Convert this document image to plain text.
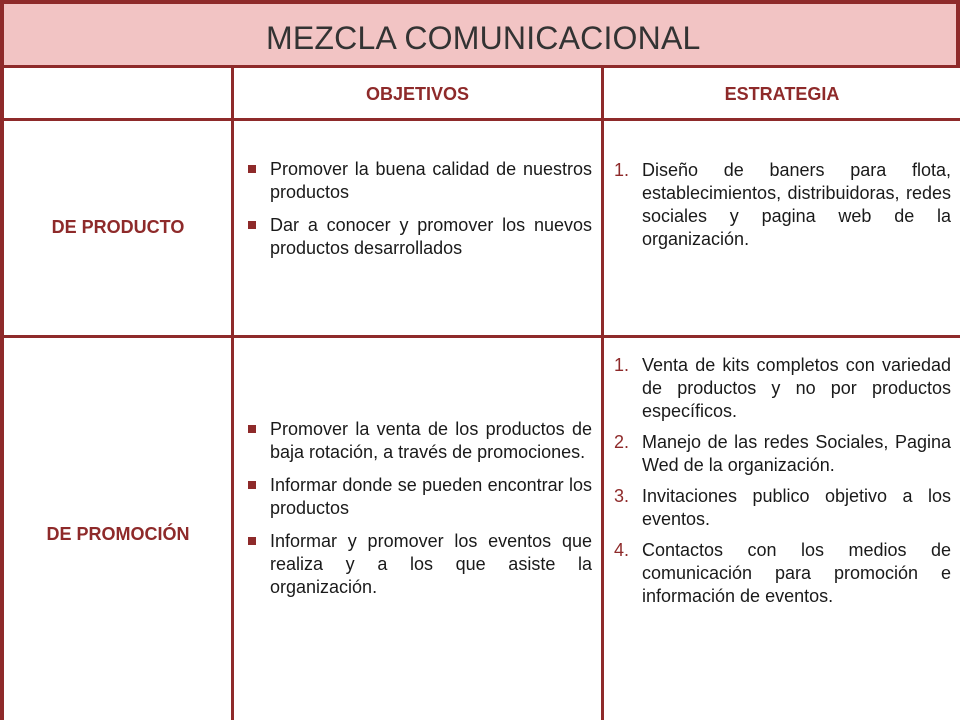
MEZCLA COMUNICACIONAL
OBJETIVOS	ESTRATEGIA
DE PRODUCTO
DE PROMOCIÓN
Promover la buena calidad de nuestros productos
Dar a conocer y promover los nuevos productos desarrollados
1. Diseño de baners para flota, establecimientos, distribuidoras, redes sociales y pagina web de la organización.
Promover la venta de los productos de baja rotación, a través de promociones.
Informar donde se pueden encontrar los productos
Informar y promover los eventos que realiza y a los que asiste la organización.
1. Venta de kits completos con variedad de productos y no por productos específicos.
2. Manejo de las redes Sociales, Pagina Wed de la organización.
3. Invitaciones publico objetivo a los eventos.
4. Contactos con los medios de comunicación para promoción e información de eventos.
